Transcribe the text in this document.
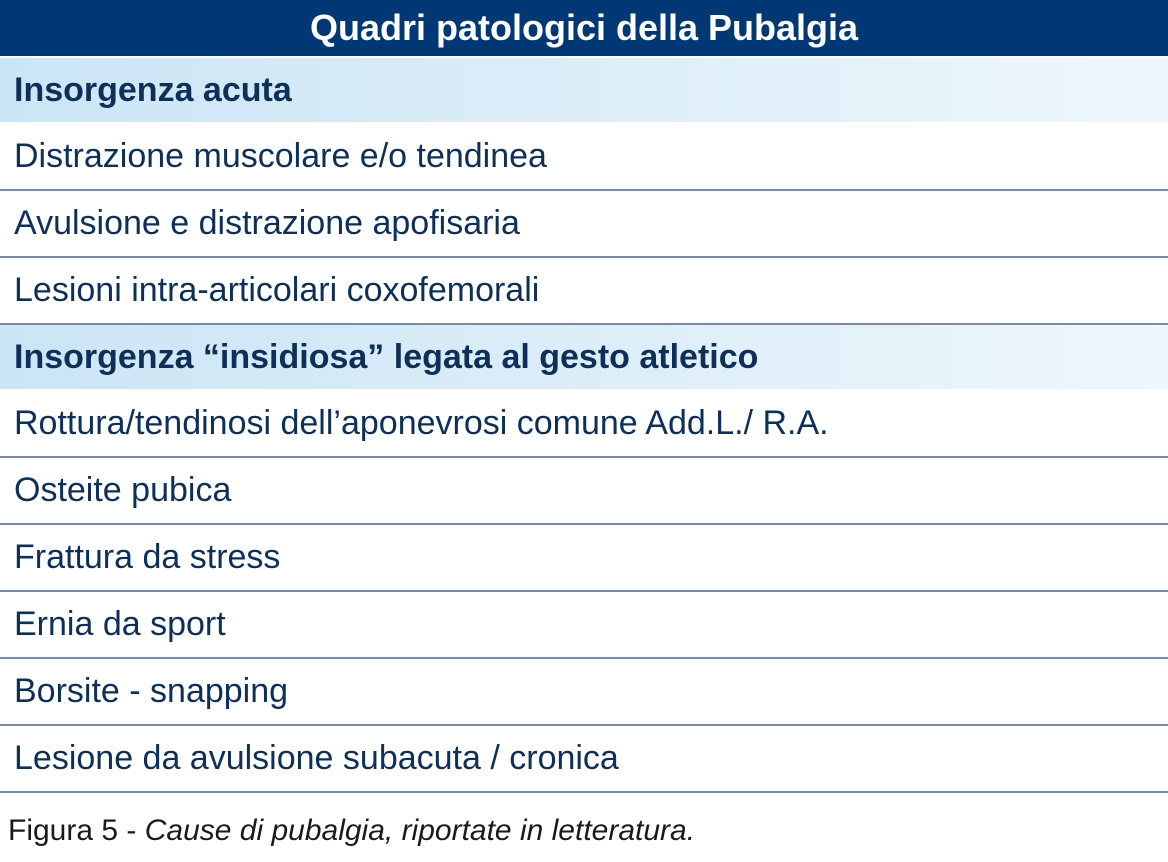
Quadri patologici della Pubalgia
Insorgenza acuta
Distrazione muscolare e/o tendinea
Avulsione e distrazione apofisaria
Lesioni intra-articolari coxofemorali
Insorgenza “insidiosa” legata al gesto atletico
Rottura/tendinosi dell’aponevrosi comune Add.L./ R.A.
Osteite pubica
Frattura da stress
Ernia da sport
Borsite - snapping
Lesione da avulsione subacuta / cronica
Figura 5 - Cause di pubalgia, riportate in letteratura.
